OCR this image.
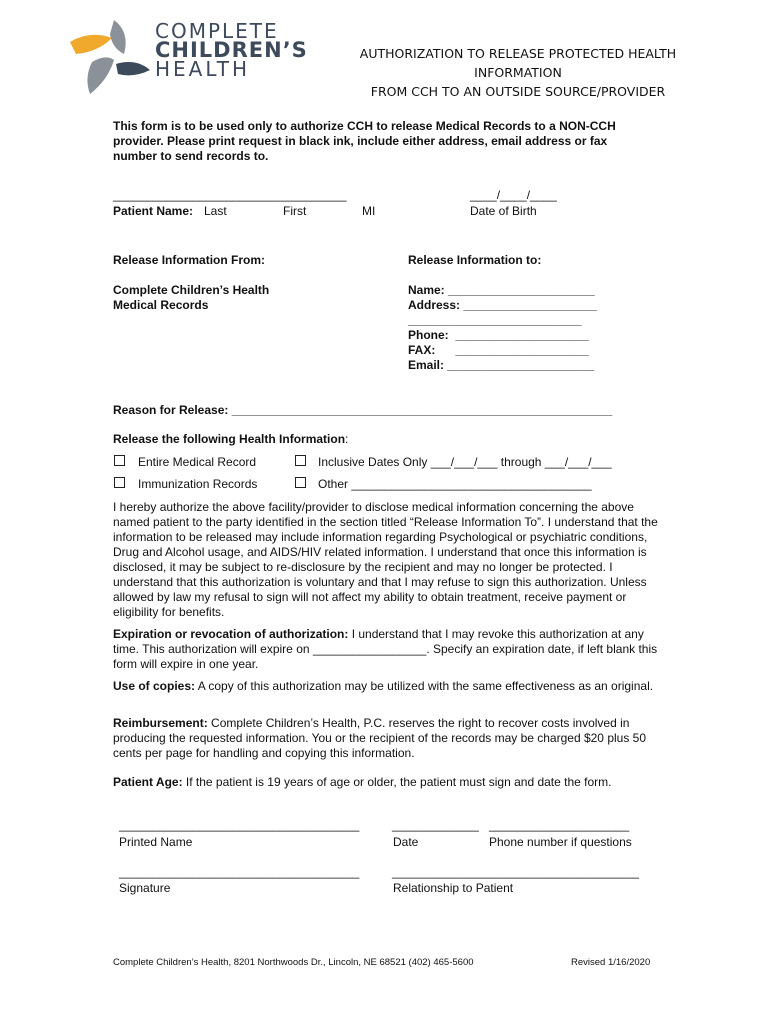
COMPLETE
CHILDREN’S
HEALTH
AUTHORIZATION TO RELEASE PROTECTED HEALTH
INFORMATION
FROM CCH TO AN OUTSIDE SOURCE/PROVIDER
This form is to be used only to authorize CCH to release Medical Records to a NON-CCH provider. Please print request in black ink, include either address, email address or fax number to send records to.
___________________________________
Patient Name: Last	First	MI
____/____/____
Date of Birth
Release Information From:
Complete Children’s Health
Medical Records
Release Information to:
Name: ______________________
Address: ____________________
__________________________
Phone:  ____________________
FAX:      ____________________
Email: ______________________
Reason for Release: _________________________________________________________
Release the following Health Information:
Entire Medical Record	Inclusive Dates Only ___/___/___ through ___/___/___
Immunization Records	Other ____________________________________
I hereby authorize the above facility/provider to disclose medical information concerning the above named patient to the party identified in the section titled “Release Information To”. I understand that the information to be released may include information regarding Psychological or psychiatric conditions, Drug and Alcohol usage, and AIDS/HIV related information. I understand that once this information is disclosed, it may be subject to re-disclosure by the recipient and may no longer be protected. I understand that this authorization is voluntary and that I may refuse to sign this authorization. Unless allowed by law my refusal to sign will not affect my ability to obtain treatment, receive payment or eligibility for benefits.
Expiration or revocation of authorization: I understand that I may revoke this authorization at any time. This authorization will expire on _________________. Specify an expiration date, if left blank this form will expire in one year.
Use of copies: A copy of this authorization may be utilized with the same effectiveness as an original.
Reimbursement: Complete Children’s Health, P.C. reserves the right to recover costs involved in producing the requested information. You or the recipient of the records may be charged $20 plus 50 cents per page for handling and copying this information.
Patient Age: If the patient is 19 years of age or older, the patient must sign and date the form.
____________________________________	_____________ _____________________
Printed Name	Date	Phone number if questions
____________________________________	_____________________________________
Signature	Relationship to Patient
Complete Children’s Health, 8201 Northwoods Dr., Lincoln, NE 68521 (402) 465-5600	Revised 1/16/2020
